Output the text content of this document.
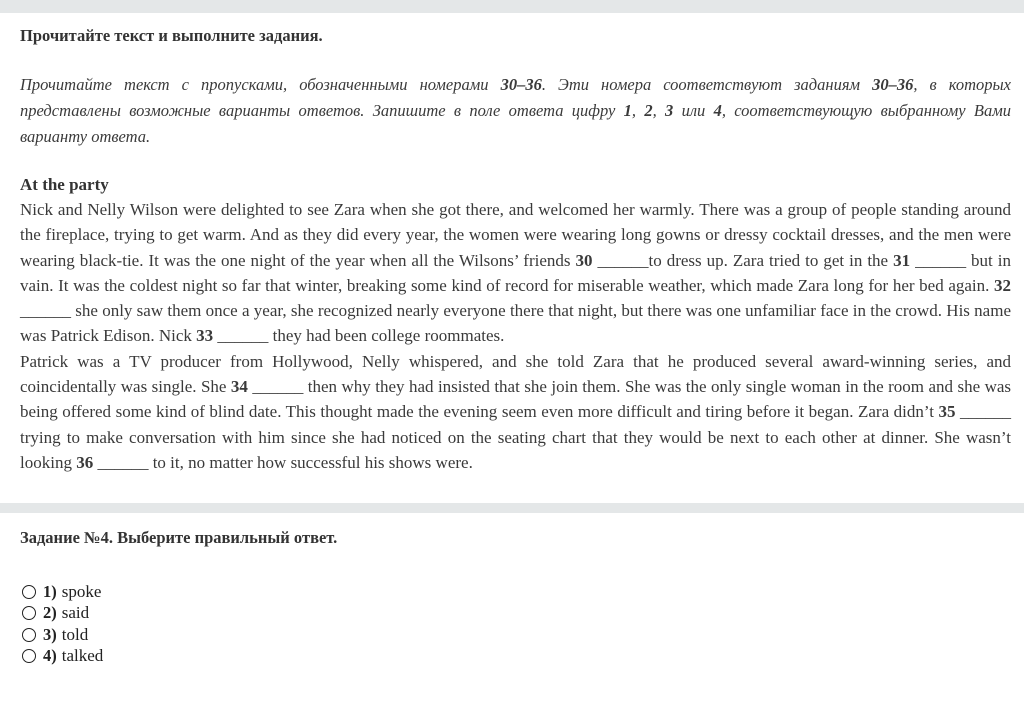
Прочитайте текст и выполните задания.

Прочитайте текст с пропусками, обозначенными номерами 30–36. Эти номера соответствуют заданиям 30–36, в которых представлены возможные варианты ответов. Запишите в поле ответа цифру 1, 2, 3 или 4, соответствующую выбранному Вами варианту ответа.

At the party

Nick and Nelly Wilson were delighted to see Zara when she got there, and welcomed her warmly. There was a group of people standing around the fireplace, trying to get warm. And as they did every year, the women were wearing long gowns or dressy cocktail dresses, and the men were wearing black-tie. It was the one night of the year when all the Wilsons’ friends 30 ______to dress up. Zara tried to get in the 31 ______ but in vain. It was the coldest night so far that winter, breaking some kind of record for miserable weather, which made Zara long for her bed again. 32 ______ she only saw them once a year, she recognized nearly everyone there that night, but there was one unfamiliar face in the crowd. His name was Patrick Edison. Nick 33 ______ they had been college roommates.

Patrick was a TV producer from Hollywood, Nelly whispered, and she told Zara that he produced several award-winning series, and coincidentally was single. She 34 ______ then why they had insisted that she join them. She was the only single woman in the room and she was being offered some kind of blind date. This thought made the evening seem even more difficult and tiring before it began. Zara didn’t 35 ______ trying to make conversation with him since she had noticed on the seating chart that they would be next to each other at dinner. She wasn’t looking 36 ______ to it, no matter how successful his shows were.

Задание №4. Выберите правильный ответ.
1) spoke
2) said
3) told
4) talked
